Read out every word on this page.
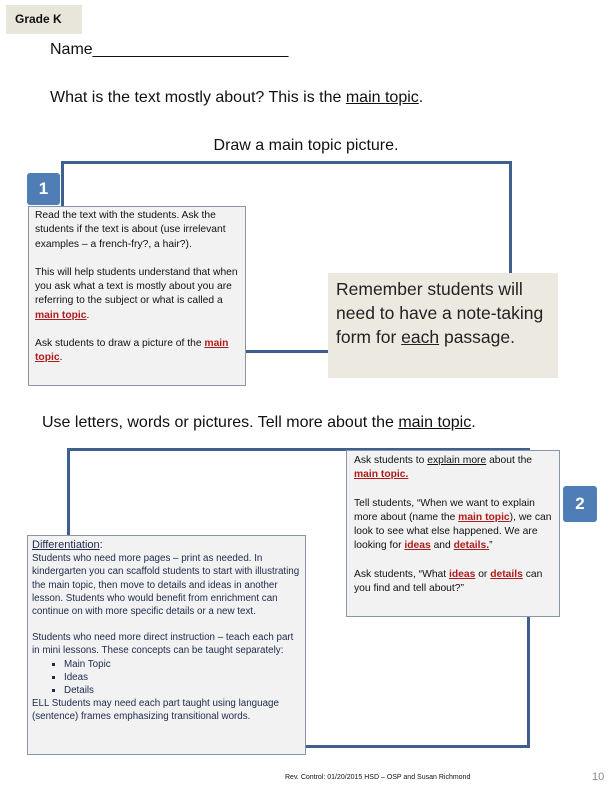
Grade K
Name______________________
What is the text mostly about? This is the main topic.
Draw a main topic picture.
1

Read the text with the students. Ask the students if the text is about (use irrelevant examples – a french-fry?, a hair?).

This will help students understand that when you ask what a text is mostly about you are referring to the subject or what is called a main topic.

Ask students to draw a picture of the main topic.

Remember students will need to have a note-taking form for each passage.
Use letters, words or pictures. Tell more about the main topic.

Ask students to explain more about the main topic.

Tell students, “When we want to explain more about (name the main topic), we can look to see what else happened. We are looking for ideas and details.”

Ask students, “What ideas or details can you find and tell about?”

2
Differentiation:

Students who need more pages – print as needed. In kindergarten you can scaffold students to start with illustrating the main topic, then move to details and ideas in another lesson. Students who would benefit from enrichment can continue on with more specific details or a new text.

Students who need more direct instruction – teach each part in mini lessons. These concepts can be taught separately:
▪ Main Topic
▪ Ideas
▪ Details
ELL Students may need each part taught using language (sentence) frames emphasizing transitional words.
Rev. Control: 01/20/2015 HSD – OSP and Susan Richmond	10
